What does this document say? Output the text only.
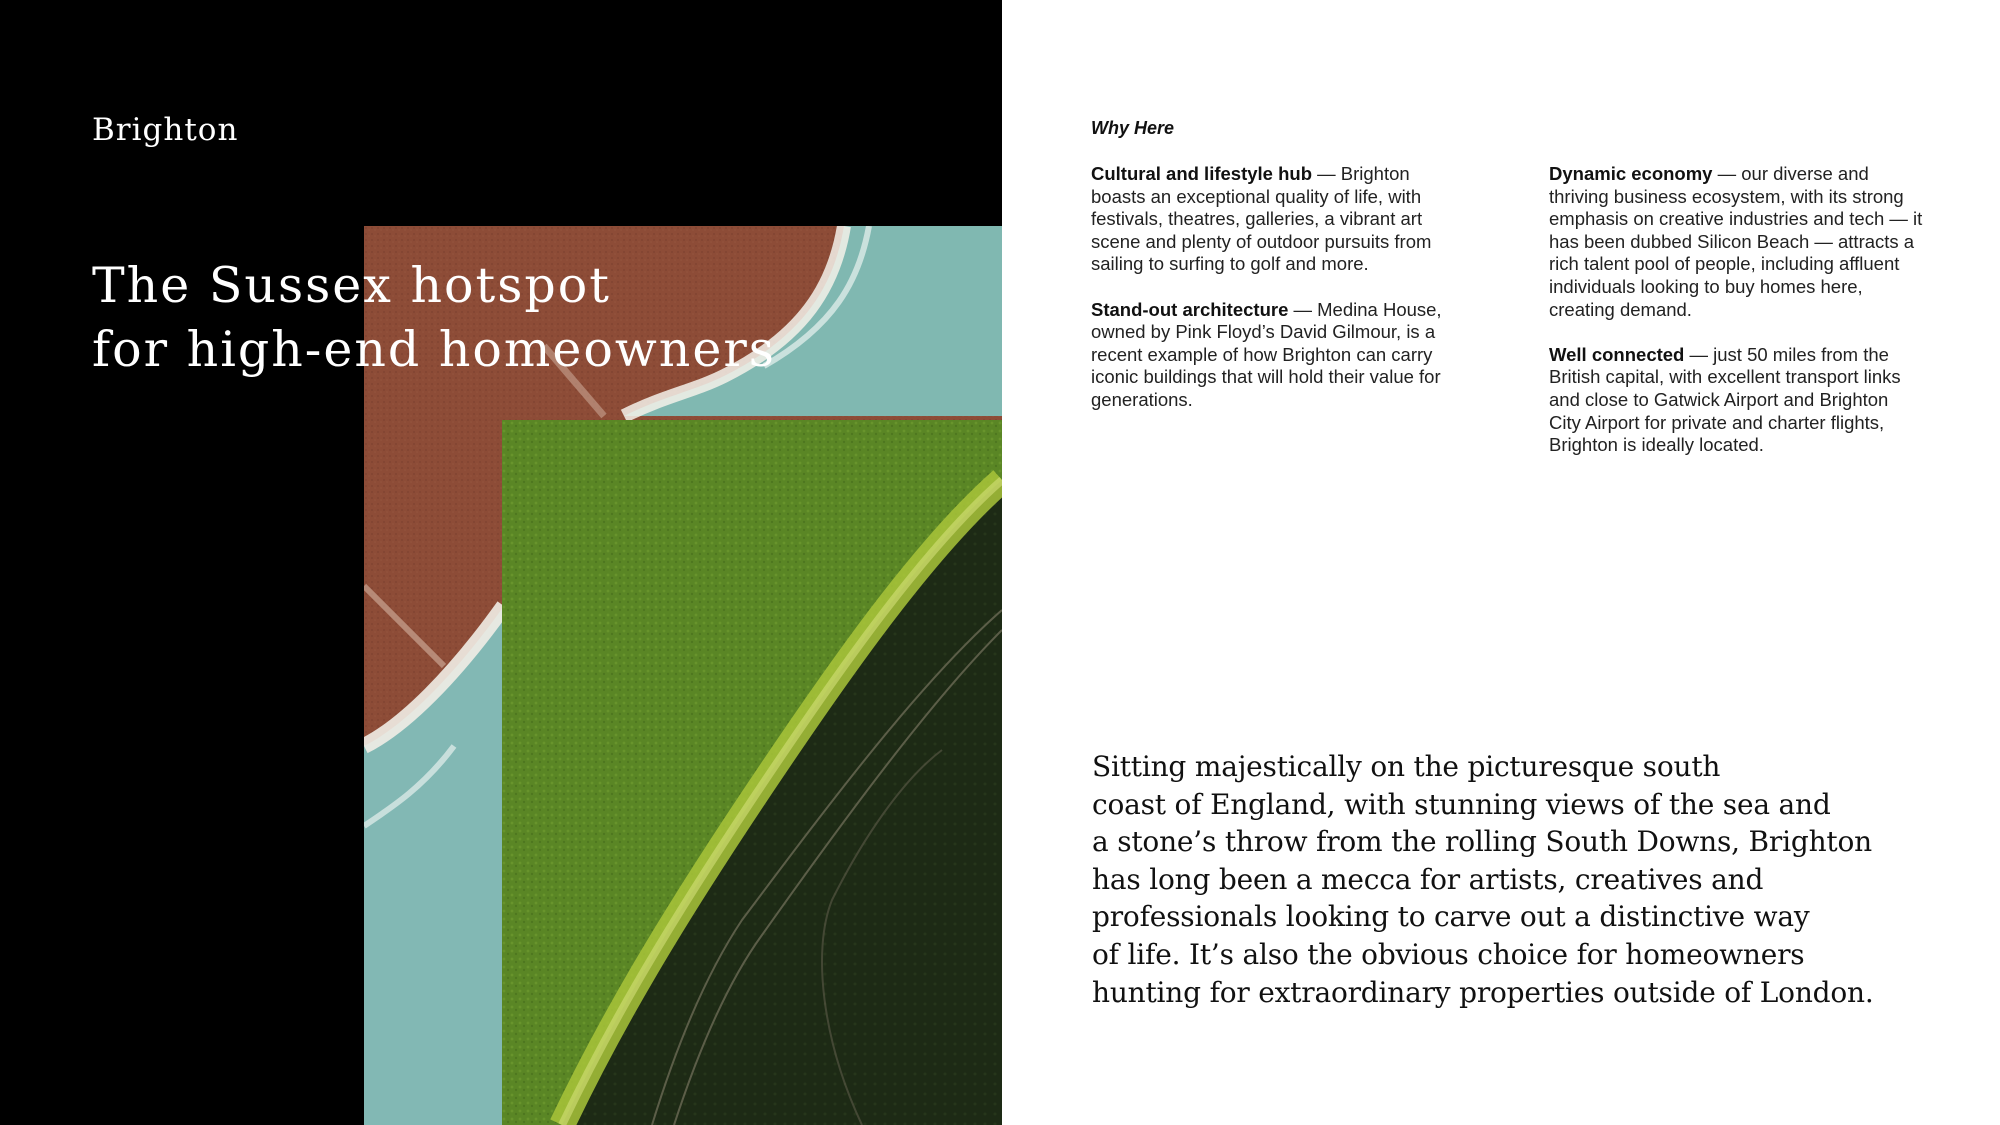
Brighton
The Sussex hotspot
for high-end homeowners
Why Here

Cultural and lifestyle hub — Brighton boasts an exceptional quality of life, with festivals, theatres, galleries, a vibrant art scene and plenty of outdoor pursuits from sailing to surfing to golf and more.

Stand-out architecture — Medina House, owned by Pink Floyd’s David Gilmour, is a recent example of how Brighton can carry iconic buildings that will hold their value for generations.

Dynamic economy — our diverse and thriving business ecosystem, with its strong emphasis on creative industries and tech — it has been dubbed Silicon Beach — attracts a rich talent pool of people, including affluent individuals looking to buy homes here, creating demand.

Well connected — just 50 miles from the British capital, with excellent transport links and close to Gatwick Airport and Brighton City Airport for private and charter flights, Brighton is ideally located.

Sitting majestically on the picturesque south
coast of England, with stunning views of the sea and
a stone’s throw from the rolling South Downs, Brighton
has long been a mecca for artists, creatives and
professionals looking to carve out a distinctive way
of life. It’s also the obvious choice for homeowners
hunting for extraordinary properties outside of London.
